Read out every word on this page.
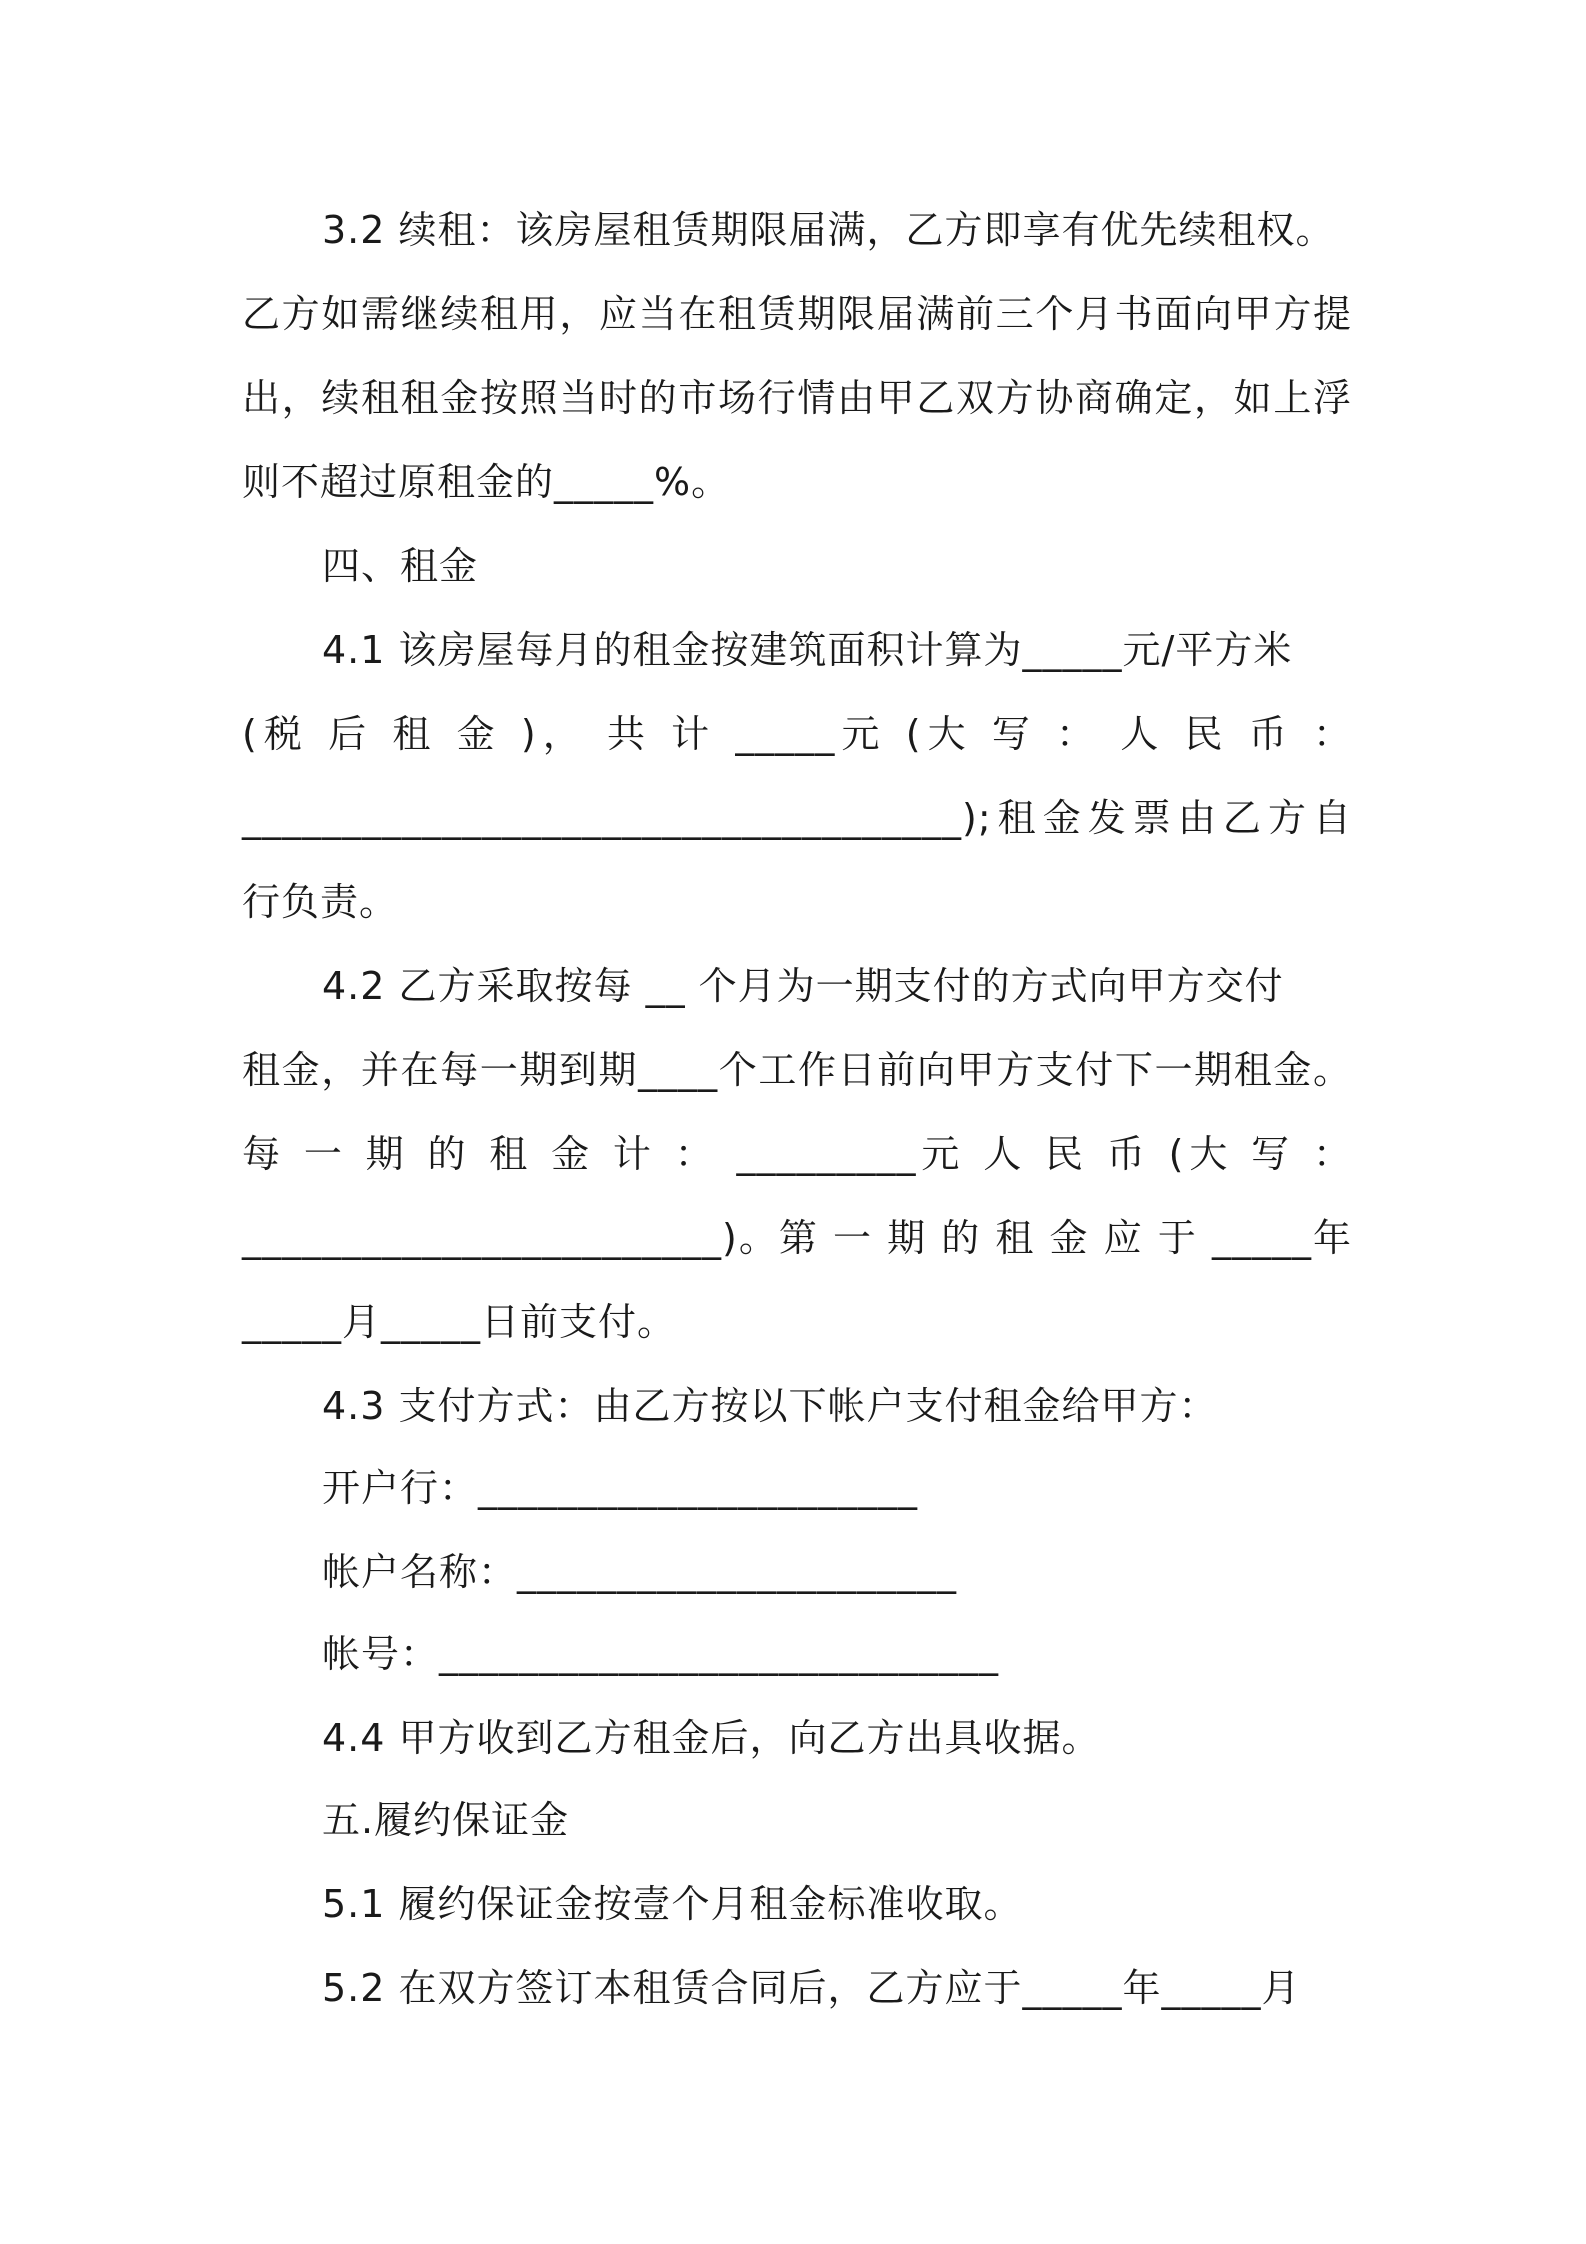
3.2 续租：该房屋租赁期限届满，乙方即享有优先续租权。
乙方如需继续租用，应当在租赁期限届满前三个月书面向甲方提
出，续租租金按照当时的市场行情由甲乙双方协商确定，如上浮
则不超过原租金的_____%。
四、租金
4.1 该房屋每月的租金按建筑面积计算为_____元/平方米
(税 后 租 金 )， 共 计 _____元 (大 写 ： 人 民 币 ：
____________________________________);租金发票由乙方自
行负责。
4.2 乙方采取按每 __ 个月为一期支付的方式向甲方交付
租金，并在每一期到期____个工作日前向甲方支付下一期租金。
每 一 期 的 租 金 计 ： _________元 人 民 币 (大 写 ：
________________________)。第 一 期 的 租 金 应 于 _____年
_____月_____日前支付。
4.3 支付方式：由乙方按以下帐户支付租金给甲方：
开户行：______________________
帐户名称：______________________
帐号：____________________________
4.4 甲方收到乙方租金后，向乙方出具收据。
五.履约保证金
5.1 履约保证金按壹个月租金标准收取。
5.2 在双方签订本租赁合同后，乙方应于_____年_____月
